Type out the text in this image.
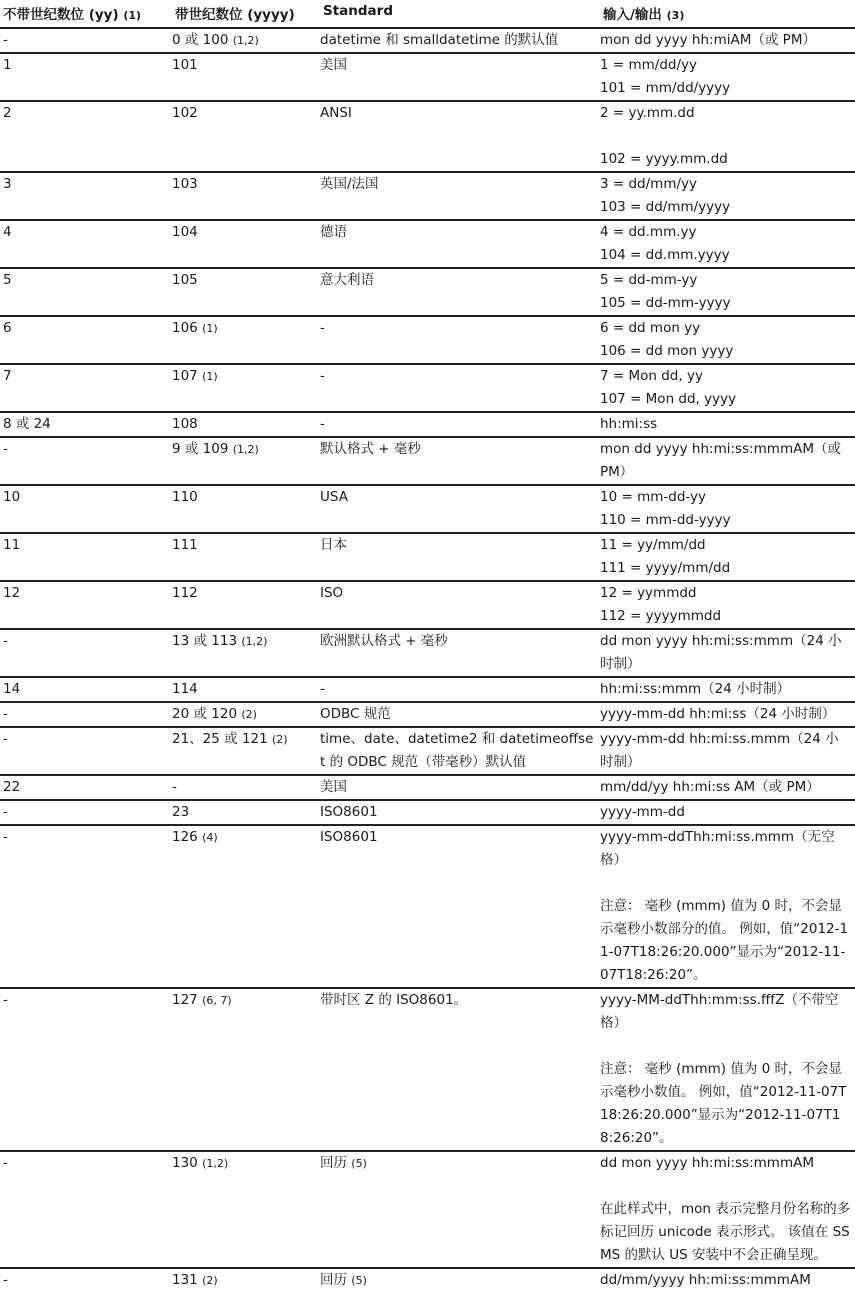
不带世纪数位 (yy) (1)	带世纪数位 (yyyy)	Standard	输入/输出 (3)
-	0 或 100 (1,2)	datetime 和 smalldatetime 的默认值	mon dd yyyy hh:miAM（或 PM）

1	101	美国	1 = mm/dd/yy
101 = mm/dd/yyyy

2	102	ANSI	2 = yy.mm.dd
102 = yyyy.mm.dd

3	103	英国/法国	3 = dd/mm/yy
103 = dd/mm/yyyy

4	104	德语	4 = dd.mm.yy
104 = dd.mm.yyyy

5	105	意大利语	5 = dd-mm-yy
105 = dd-mm-yyyy

6	106 (1)	-	6 = dd mon yy
106 = dd mon yyyy

7	107 (1)	-	7 = Mon dd, yy
107 = Mon dd, yyyy

8 或 24	108	-	hh:mi:ss

-	9 或 109 (1,2)	默认格式 + 毫秒	mon dd yyyy hh:mi:ss:mmmAM（或 PM）

10	110	USA	10 = mm-dd-yy
110 = mm-dd-yyyy

11	111	日本	11 = yy/mm/dd
111 = yyyy/mm/dd

12	112	ISO	12 = yymmdd
112 = yyyymmdd

-	13 或 113 (1,2)	欧洲默认格式 + 毫秒	dd mon yyyy hh:mi:ss:mmm（24 小时制）

14	114	-	hh:mi:ss:mmm（24 小时制）

-	20 或 120 (2)	ODBC 规范	yyyy-mm-dd hh:mi:ss（24 小时制）

-	21、25 或 121 (2)	time、date、datetime2 和 datetimeoffset 的 ODBC 规范（带毫秒）默认值	yyyy-mm-dd hh:mi:ss.mmm（24 小时制）

22	-	美国	mm/dd/yy hh:mi:ss AM（或 PM）

-	23	ISO8601	yyyy-mm-dd

-	126 (4)	ISO8601	yyyy-mm-ddThh:mi:ss.mmm（无空格）
注意： 毫秒 (mmm) 值为 0 时，不会显示毫秒小数部分的值。 例如，值“2012-11-07T18:26:20.000”显示为“2012-11-07T18:26:20”。

-	127 (6, 7)	带时区 Z 的 ISO8601。	yyyy-MM-ddThh:mm:ss.fffZ（不带空格）
注意： 毫秒 (mmm) 值为 0 时，不会显示毫秒小数值。 例如，值“2012-11-07T18:26:20.000”显示为“2012-11-07T18:26:20”。

-	130 (1,2)	回历 (5)	dd mon yyyy hh:mi:ss:mmmAM
在此样式中，mon 表示完整月份名称的多标记回历 unicode 表示形式。 该值在 SSMS 的默认 US 安装中不会正确呈现。

-	131 (2)	回历 (5)	dd/mm/yyyy hh:mi:ss:mmmAM
